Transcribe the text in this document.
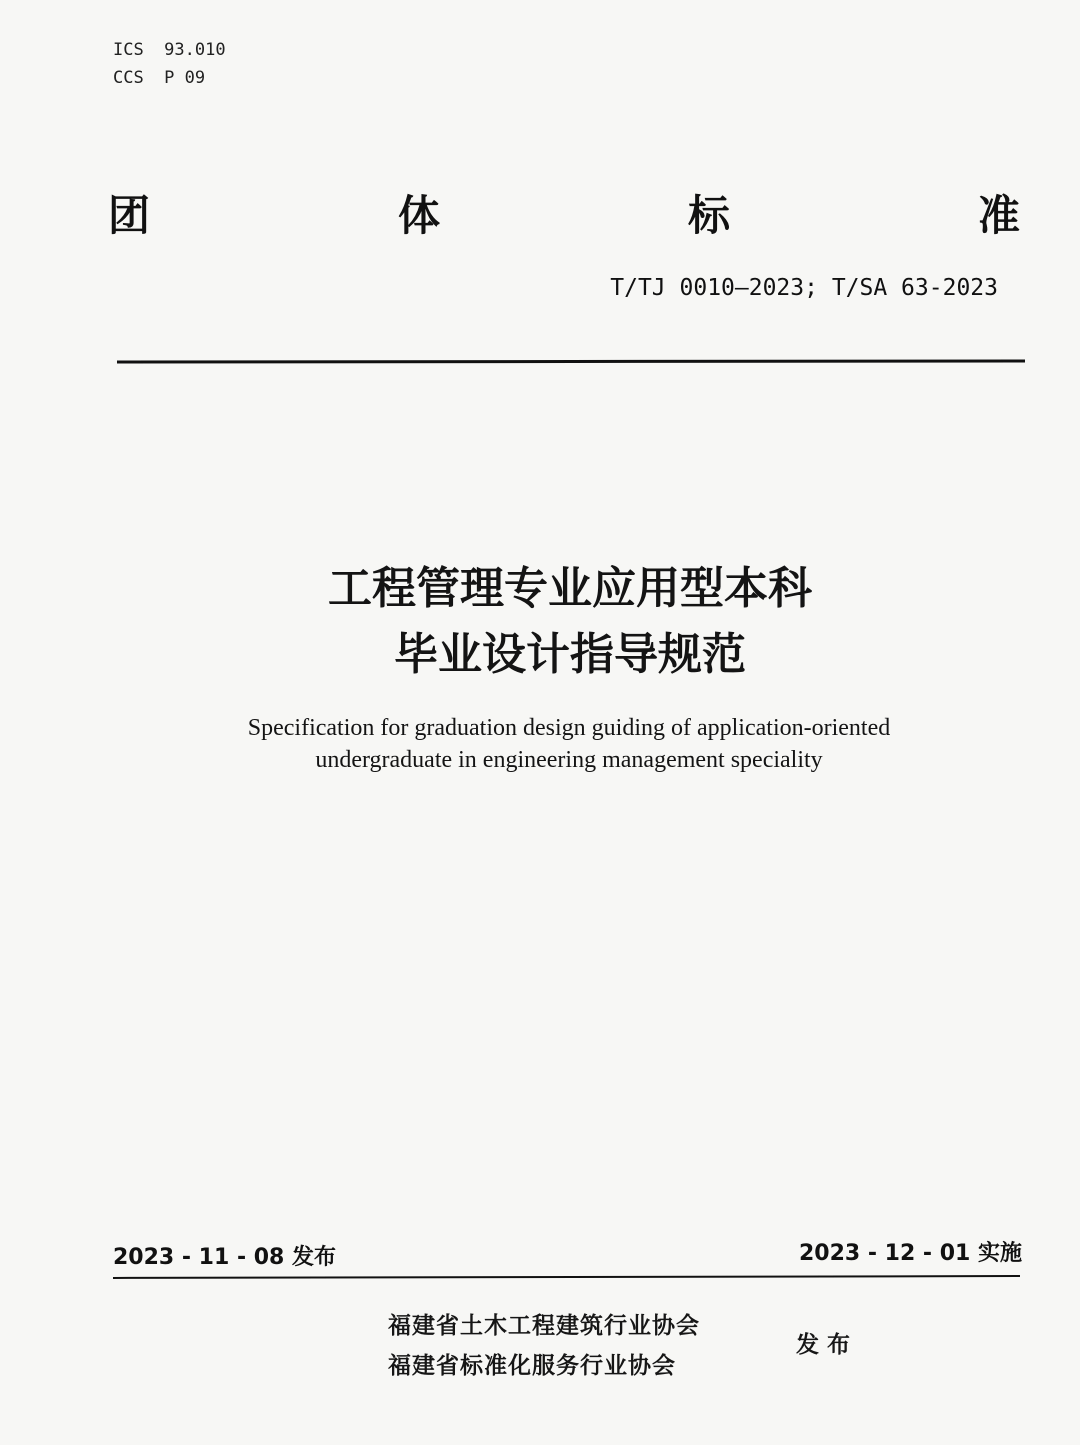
ICS  93.010
CCS  P 09
团	体	标	准
T/TJ 0010—2023; T/SA 63-2023
工程管理专业应用型本科
毕业设计指导规范
Specification for graduation design guiding of application-oriented
undergraduate in engineering management speciality
2023 - 11 - 08 发布	2023 - 12 - 01 实施
福建省土木工程建筑行业协会
福建省标准化服务行业协会
发 布
